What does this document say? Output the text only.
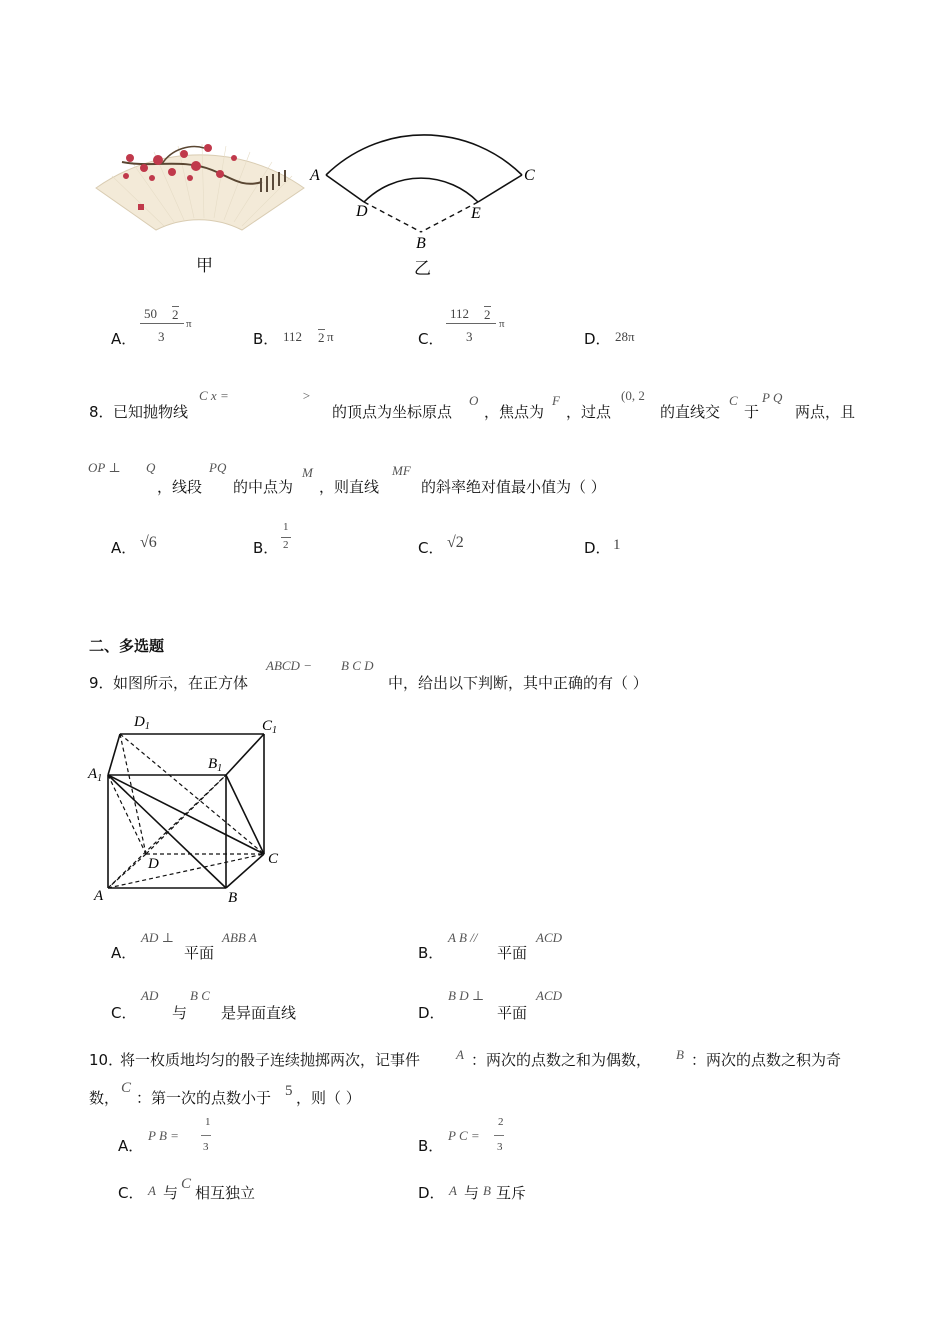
甲
A	C
D	E
B
乙
A．
50 2
π
3	B． 112 2 π	C．
112 2
π
3	D． 28π
8． 已知抛物线
C x =	>
的顶点为坐标原点
O
，焦点为
F
，过点
(0, 2
的直线交
C
于
P Q
两点，且
OP ⊥ Q
，线段
PQ
的中点为
M
，则直线
MF
的斜率绝对值最小值为（ ）
A． √6	B．
1
2	C． √2	D． 1
二、多选题
9． 如图所示，在正方体
ABCD − B C D
中，给出以下判断，其中正确的有（ ）
$D_1$	$C_1$
$A_1$
$B_1$
D	C
A	B
A．
AD ⊥
平面
ABB A
B．
A B //
平面
ACD
C．
AD
与
B C
是异面直线	D．
B D ⊥
平面
ACD
10．
将一枚质地均匀的骰子连续抛掷两次，记事件	A ：两次的点数之和为偶数， B ：两次的点数之积为奇
数，
C
：第一次的点数小于 5 ，则（ ）
A．
P B =
1
3	B．
P C =
2
3
C． A 与 C 相互独立	D． A 与 B 互斥
